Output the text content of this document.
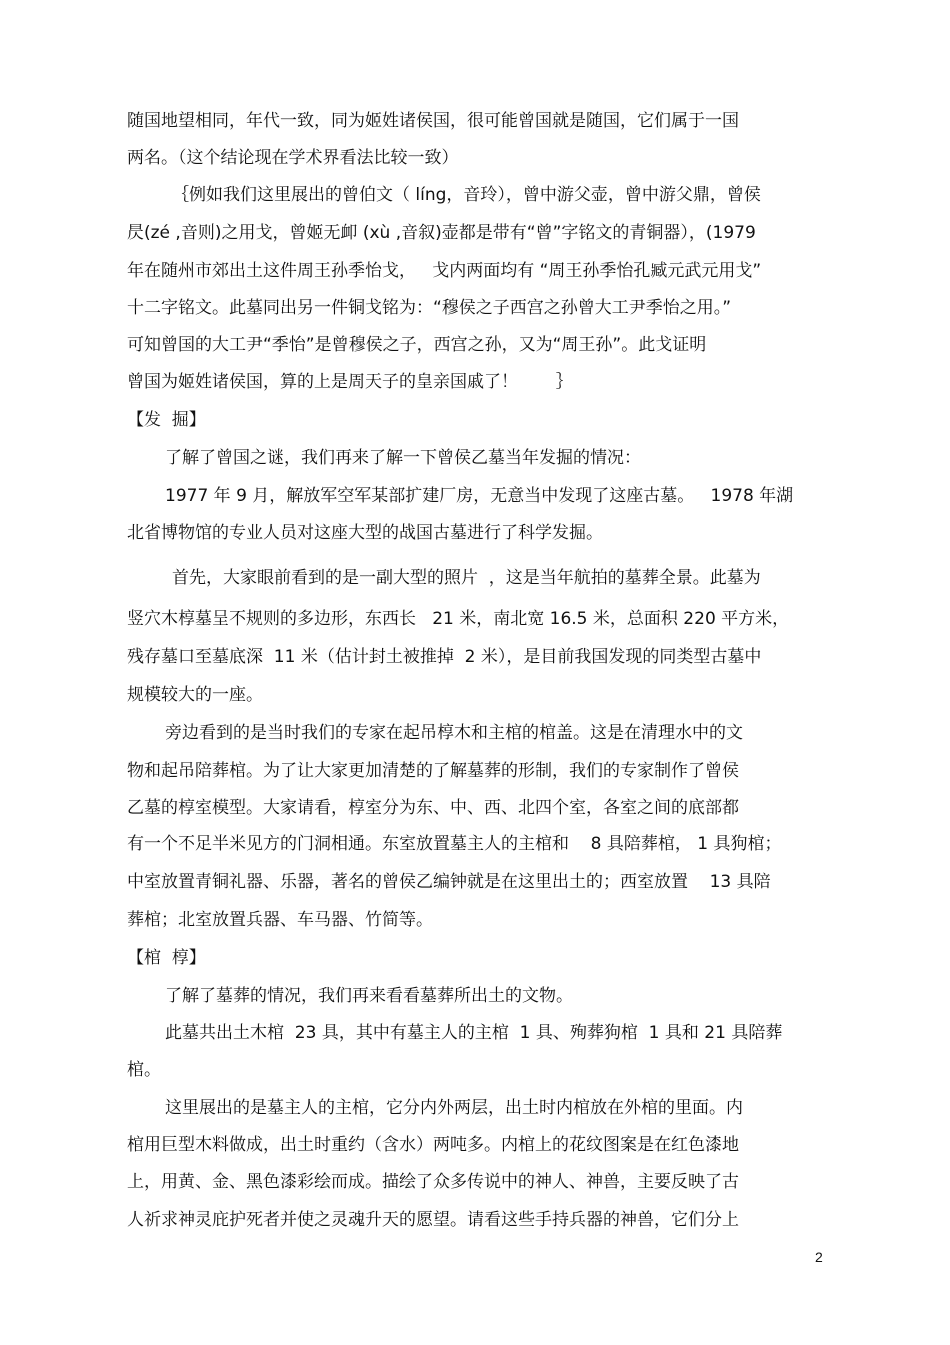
随国地望相同，年代一致，同为姬姓诸侯国，很可能曾国就是随国，它们属于一国
两名。（这个结论现在学术界看法比较一致）
｛例如我们这里展出的曾伯文（ líng，音玲），曾中游父壶，曾中游父鼎，曾侯
昃(zé ,音则)之用戈，曾姬无卹 (xù ,音叙)壶都是带有“曾”字铭文的青铜器），(1979
年在随州市郊出土这件周王孙季怡戈，   戈内两面均有 “周王孙季怡孔臧元武元用戈”
十二字铭文。此墓同出另一件铜戈铭为：“穆侯之子西宫之孙曾大工尹季怡之用。”
可知曾国的大工尹“季怡”是曾穆侯之子，西宫之孙，又为“周王孙”。此戈证明
曾国为姬姓诸侯国，算的上是周天子的皇亲国戚了！       ｝
【发  掘】
了解了曾国之谜，我们再来了解一下曾侯乙墓当年发掘的情况：
1977 年 9 月，解放军空军某部扩建厂房，无意当中发现了这座古墓。   1978 年湖
北省博物馆的专业人员对这座大型的战国古墓进行了科学发掘。
首先，大家眼前看到的是一副大型的照片  ，这是当年航拍的墓葬全景。此墓为
竖穴木椁墓呈不规则的多边形，东西长   21 米，南北宽 16.5 米，总面积 220 平方米，
残存墓口至墓底深  11 米（估计封土被推掉  2 米），是目前我国发现的同类型古墓中
规模较大的一座。
旁边看到的是当时我们的专家在起吊椁木和主棺的棺盖。这是在清理水中的文
物和起吊陪葬棺。为了让大家更加清楚的了解墓葬的形制，我们的专家制作了曾侯
乙墓的椁室模型。大家请看，椁室分为东、中、西、北四个室，各室之间的底部都
有一个不足半米见方的门洞相通。东室放置墓主人的主棺和    8 具陪葬棺， 1 具狗棺；
中室放置青铜礼器、乐器，著名的曾侯乙编钟就是在这里出土的；西室放置    13 具陪
葬棺；北室放置兵器、车马器、竹简等。
【棺  椁】
了解了墓葬的情况，我们再来看看墓葬所出土的文物。
此墓共出土木棺  23 具，其中有墓主人的主棺  1 具、殉葬狗棺  1 具和 21 具陪葬
棺。
这里展出的是墓主人的主棺，它分内外两层，出土时内棺放在外棺的里面。内
棺用巨型木料做成，出土时重约（含水）两吨多。内棺上的花纹图案是在红色漆地
上，用黄、金、黑色漆彩绘而成。描绘了众多传说中的神人、神兽，主要反映了古
人祈求神灵庇护死者并使之灵魂升天的愿望。请看这些手持兵器的神兽，它们分上
2
